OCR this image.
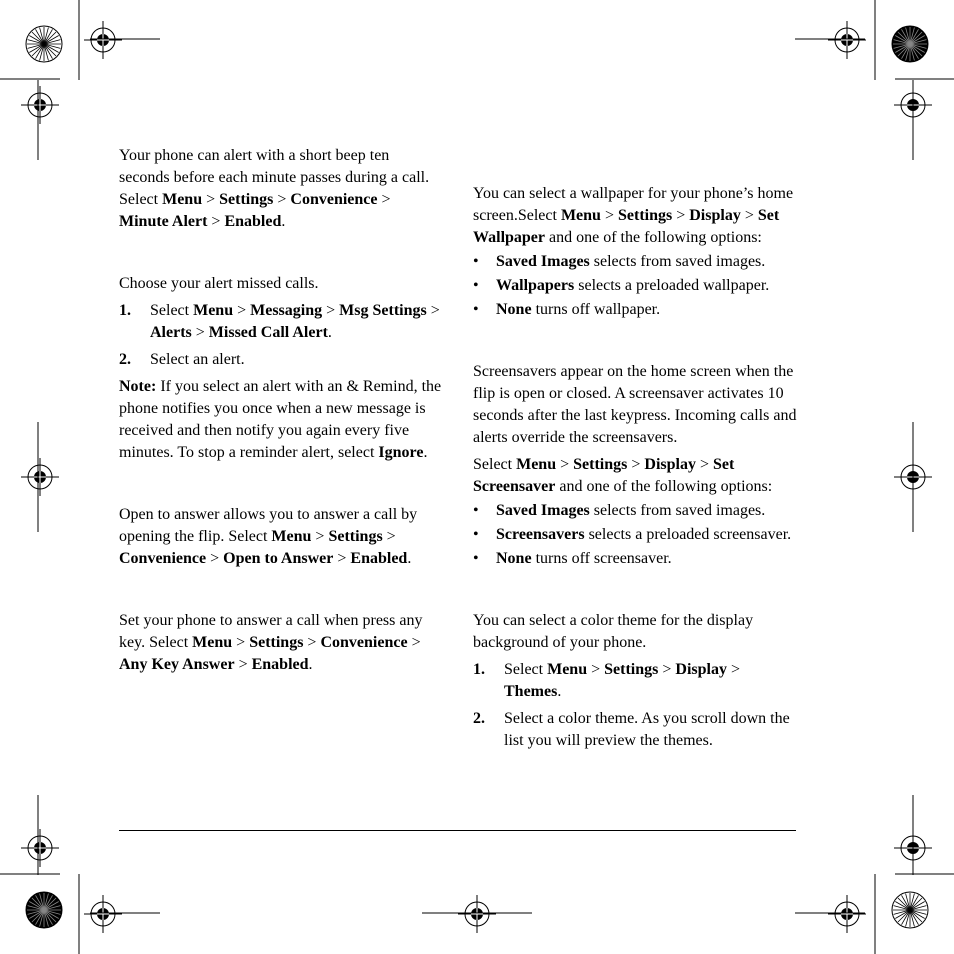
Your phone can alert with a short beep ten seconds before each minute passes during a call. Select Menu > Settings > Convenience > Minute Alert > Enabled.

Choose your alert missed calls.

1.	Select Menu > Messaging > Msg Settings > Alerts > Missed Call Alert.
2.	Select an alert.

Note: If you select an alert with an & Remind, the phone notifies you once when a new message is received and then notify you again every five minutes. To stop a reminder alert, select Ignore.

Open to answer allows you to answer a call by opening the flip. Select Menu > Settings > Convenience > Open to Answer > Enabled.

Set your phone to answer a call when press any key. Select Menu > Settings > Convenience > Any Key Answer > Enabled.

You can select a wallpaper for your phone’s home screen.Select Menu > Settings > Display > Set Wallpaper and one of the following options:

•	Saved Images selects from saved images.
•	Wallpapers selects a preloaded wallpaper.
•	None turns off wallpaper.

Screensavers appear on the home screen when the flip is open or closed. A screensaver activates 10 seconds after the last keypress. Incoming calls and alerts override the screensavers.

Select Menu > Settings > Display > Set Screensaver and one of the following options:

•	Saved Images selects from saved images.
•	Screensavers selects a preloaded screensaver.
•	None turns off screensaver.

You can select a color theme for the display background of your phone.

1.	Select Menu > Settings > Display > Themes.
2.	Select a color theme. As you scroll down the list you will preview the themes.
